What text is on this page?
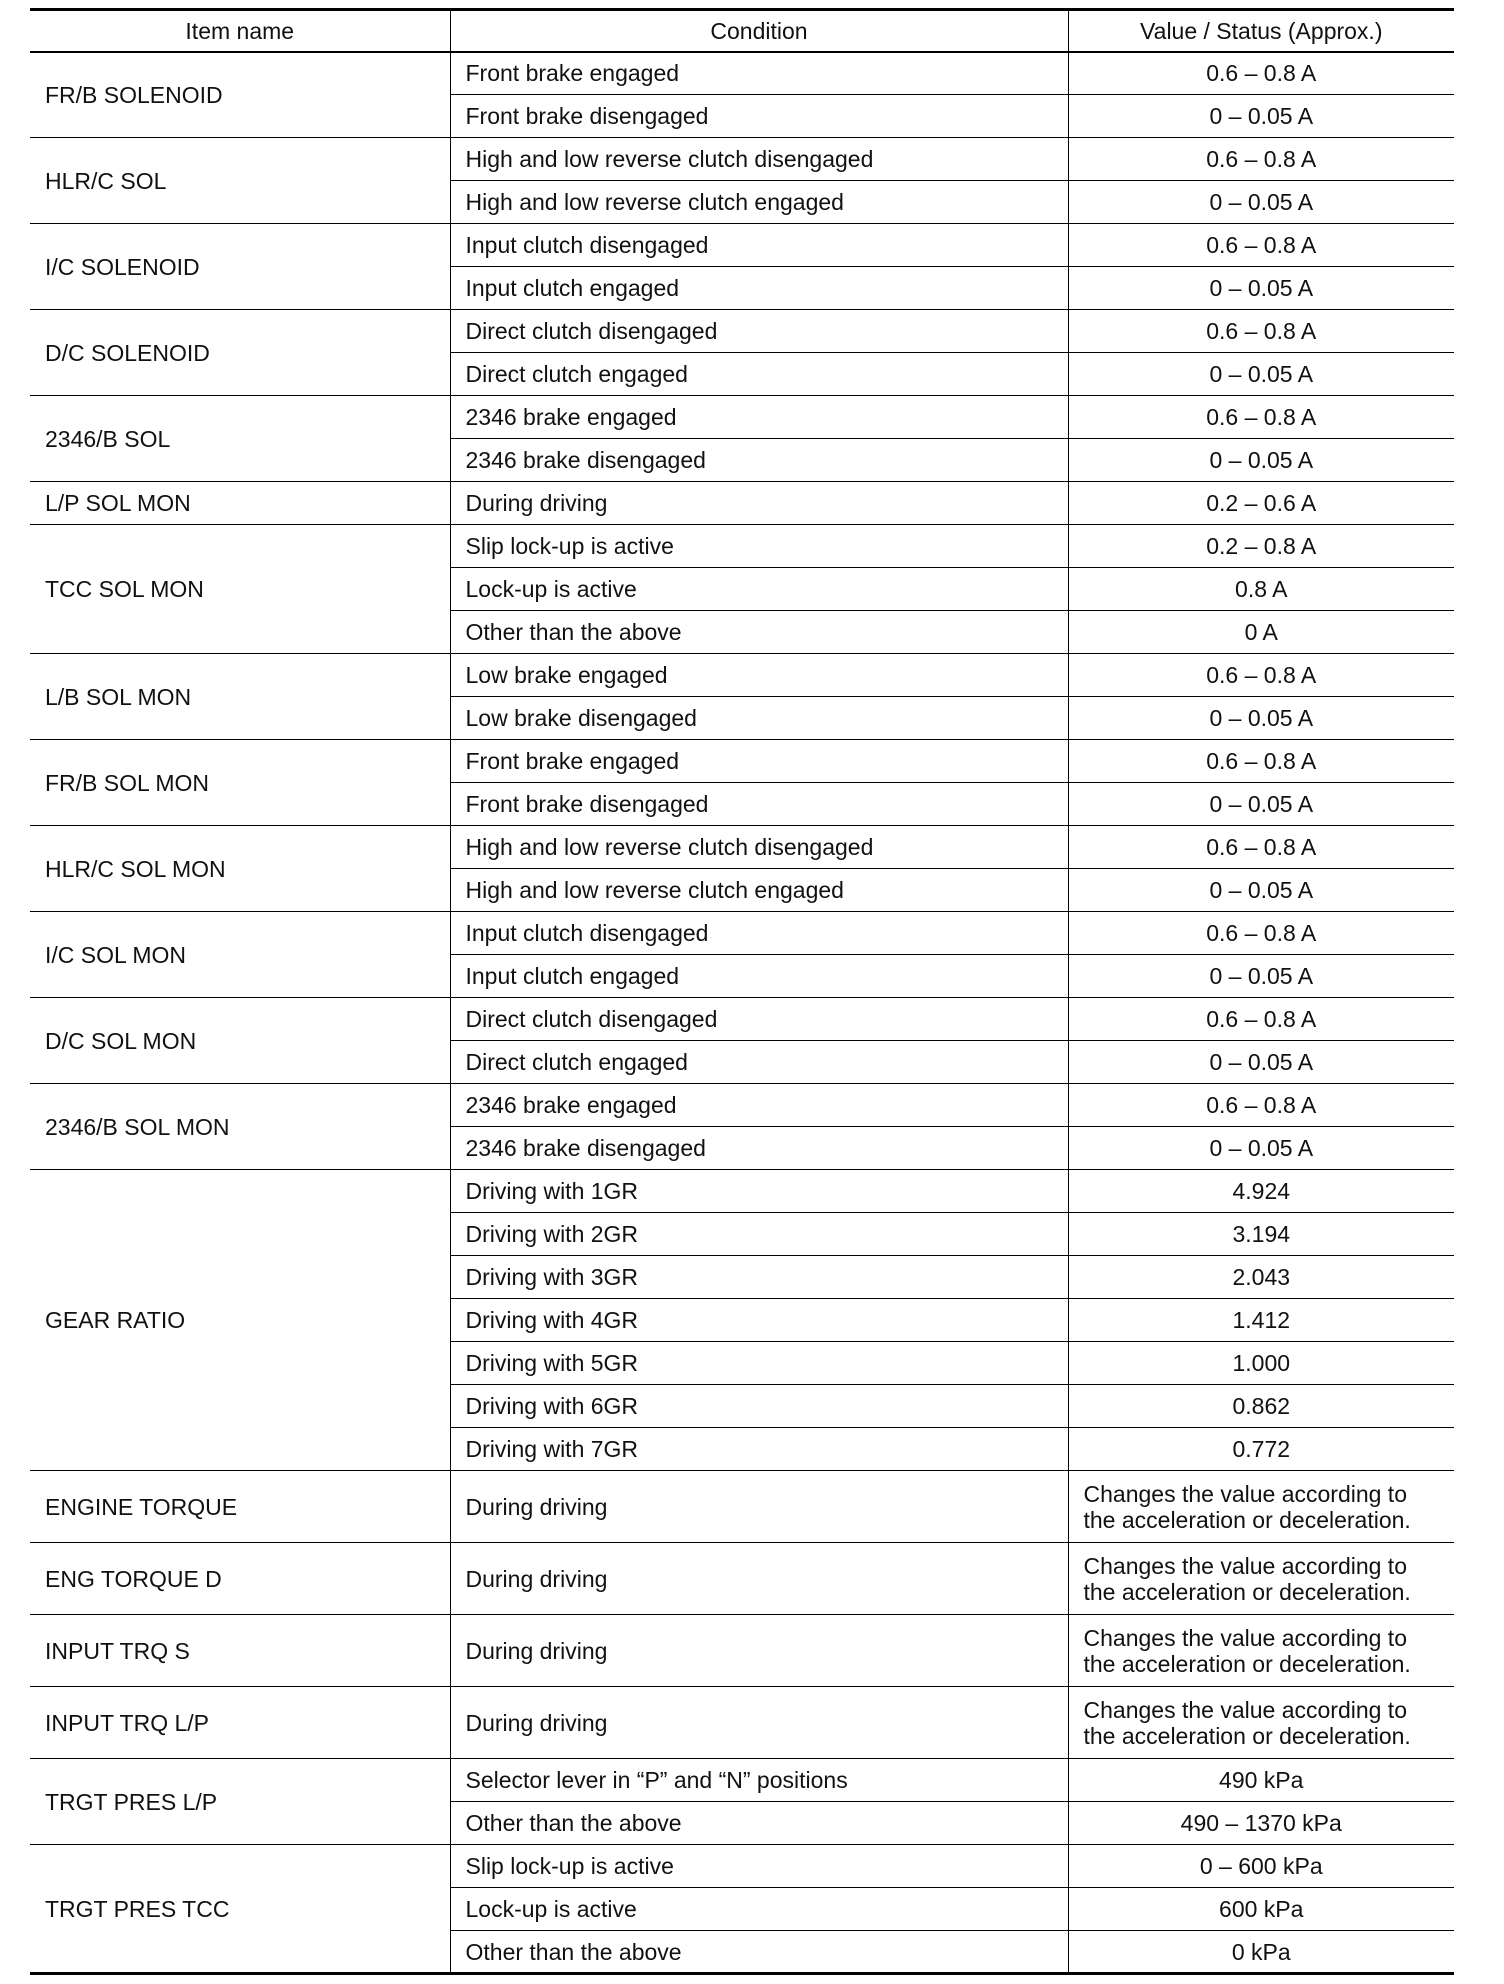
Item name	Condition	Value / Status (Approx.)
FR/B SOLENOID	Front brake engaged	0.6 – 0.8 A
	Front brake disengaged	0 – 0.05 A
HLR/C SOL	High and low reverse clutch disengaged	0.6 – 0.8 A
	High and low reverse clutch engaged	0 – 0.05 A
I/C SOLENOID	Input clutch disengaged	0.6 – 0.8 A
	Input clutch engaged	0 – 0.05 A
D/C SOLENOID	Direct clutch disengaged	0.6 – 0.8 A
	Direct clutch engaged	0 – 0.05 A
2346/B SOL	2346 brake engaged	0.6 – 0.8 A
	2346 brake disengaged	0 – 0.05 A
L/P SOL MON	During driving	0.2 – 0.6 A
TCC SOL MON	Slip lock-up is active	0.2 – 0.8 A
	Lock-up is active	0.8 A
	Other than the above	0 A
L/B SOL MON	Low brake engaged	0.6 – 0.8 A
	Low brake disengaged	0 – 0.05 A
FR/B SOL MON	Front brake engaged	0.6 – 0.8 A
	Front brake disengaged	0 – 0.05 A
HLR/C SOL MON	High and low reverse clutch disengaged	0.6 – 0.8 A
	High and low reverse clutch engaged	0 – 0.05 A
I/C SOL MON	Input clutch disengaged	0.6 – 0.8 A
	Input clutch engaged	0 – 0.05 A
D/C SOL MON	Direct clutch disengaged	0.6 – 0.8 A
	Direct clutch engaged	0 – 0.05 A
2346/B SOL MON	2346 brake engaged	0.6 – 0.8 A
	2346 brake disengaged	0 – 0.05 A
GEAR RATIO	Driving with 1GR	4.924
	Driving with 2GR	3.194
	Driving with 3GR	2.043
	Driving with 4GR	1.412
	Driving with 5GR	1.000
	Driving with 6GR	0.862
	Driving with 7GR	0.772
ENGINE TORQUE	During driving	Changes the value according to
the acceleration or deceleration.

ENG TORQUE D	During driving	Changes the value according to
the acceleration or deceleration.

INPUT TRQ S	During driving	Changes the value according to
the acceleration or deceleration.

INPUT TRQ L/P	During driving	Changes the value according to
the acceleration or deceleration.

TRGT PRES L/P	Selector lever in “P” and “N” positions	490 kPa
	Other than the above	490 – 1370 kPa
TRGT PRES TCC	Slip lock-up is active	0 – 600 kPa
	Lock-up is active	600 kPa
	Other than the above	0 kPa
